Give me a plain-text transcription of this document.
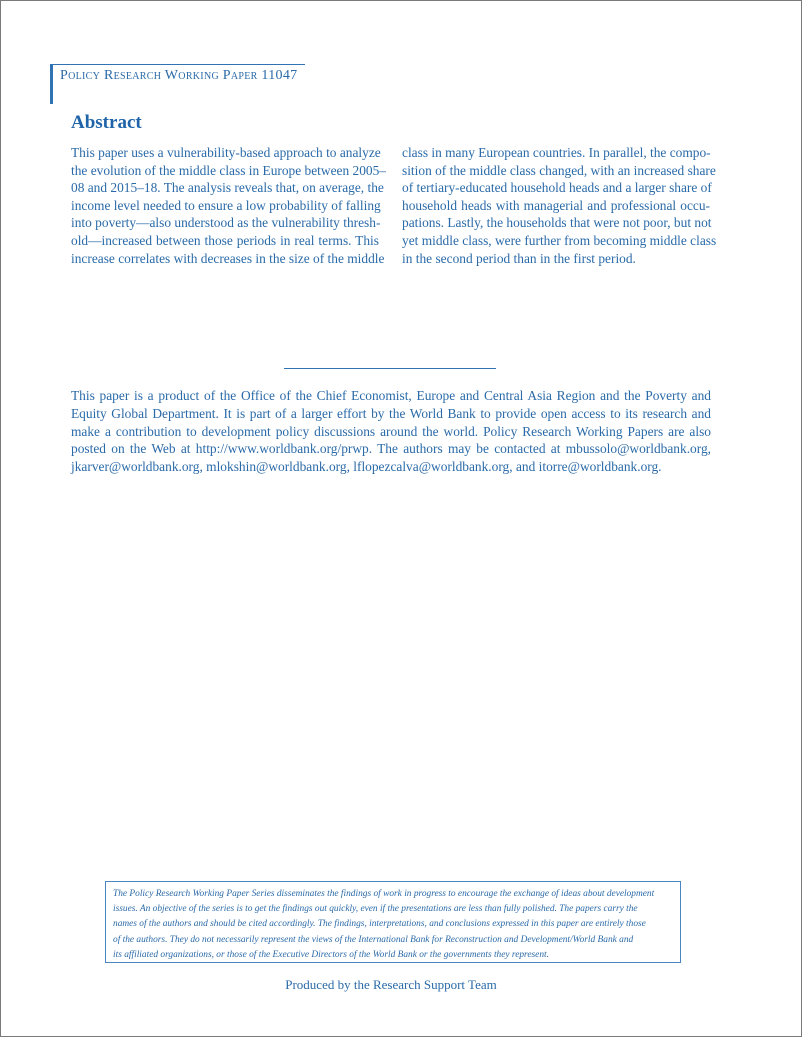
Policy Research Working Paper 11047
Abstract
This paper uses a vulnerability-based approach to analyze
the evolution of the middle class in Europe between 2005–
08 and 2015–18. The analysis reveals that, on average, the
income level needed to ensure a low probability of falling
into poverty—also understood as the vulnerability thresh-
old—increased between those periods in real terms. This
increase correlates with decreases in the size of the middle
class in many European countries. In parallel, the compo-
sition of the middle class changed, with an increased share
of tertiary-educated household heads and a larger share of
household heads with managerial and professional occu-
pations. Lastly, the households that were not poor, but not
yet middle class, were further from becoming middle class
in the second period than in the first period.
This paper is a product of the Office of the Chief Economist, Europe and Central Asia Region and the Poverty and
Equity Global Department. It is part of a larger effort by the World Bank to provide open access to its research and
make a contribution to development policy discussions around the world. Policy Research Working Papers are also
posted on the Web at http://www.worldbank.org/prwp. The authors may be contacted at mbussolo@worldbank.org,
jkarver@worldbank.org, mlokshin@worldbank.org, lflopezcalva@worldbank.org, and itorre@worldbank.org.
The Policy Research Working Paper Series disseminates the findings of work in progress to encourage the exchange of ideas about development
issues. An objective of the series is to get the findings out quickly, even if the presentations are less than fully polished. The papers carry the
names of the authors and should be cited accordingly. The findings, interpretations, and conclusions expressed in this paper are entirely those
of the authors. They do not necessarily represent the views of the International Bank for Reconstruction and Development/World Bank and
its affiliated organizations, or those of the Executive Directors of the World Bank or the governments they represent.
Produced by the Research Support Team
